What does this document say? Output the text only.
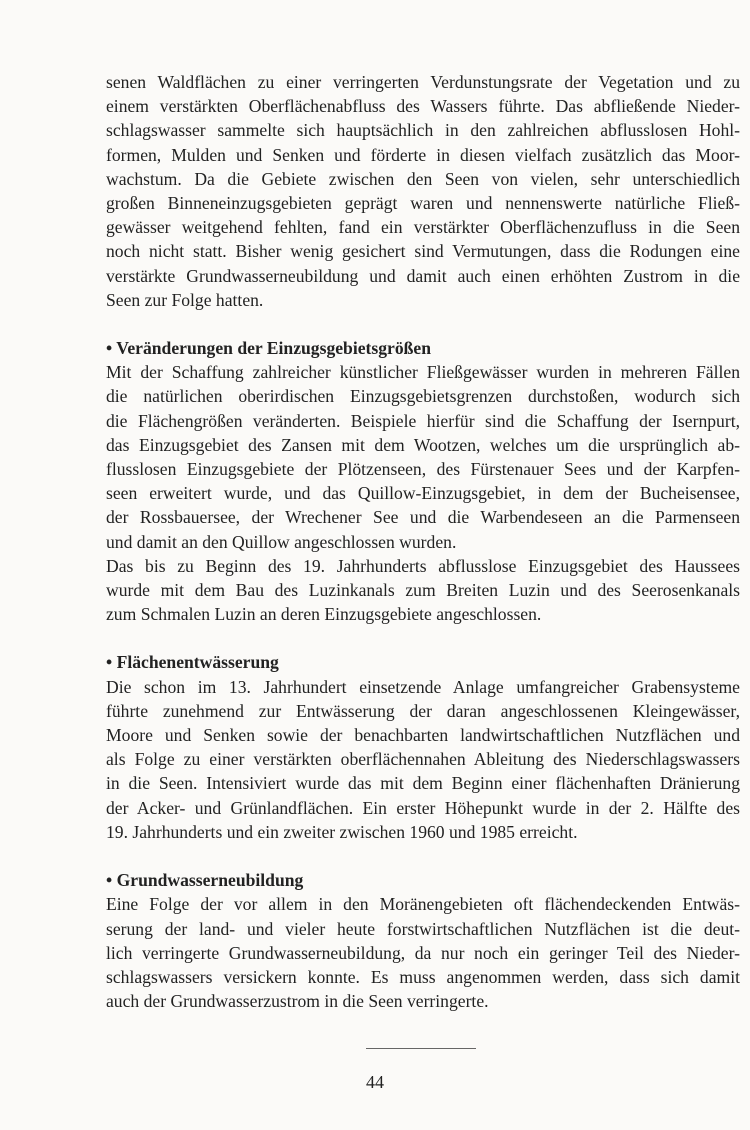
senen Waldflächen zu einer verringerten Verdunstungsrate der Vegetation und zu
einem verstärkten Oberflächenabfluss des Wassers führte. Das abfließende Nieder-
schlagswasser sammelte sich hauptsächlich in den zahlreichen abflusslosen Hohl-
formen, Mulden und Senken und förderte in diesen vielfach zusätzlich das Moor-
wachstum. Da die Gebiete zwischen den Seen von vielen, sehr unterschiedlich
großen Binneneinzugsgebieten geprägt waren und nennenswerte natürliche Fließ-
gewässer weitgehend fehlten, fand ein verstärkter Oberflächenzufluss in die Seen
noch nicht statt. Bisher wenig gesichert sind Vermutungen, dass die Rodungen eine
verstärkte Grundwasserneubildung und damit auch einen erhöhten Zustrom in die
Seen zur Folge hatten.

• Veränderungen der Einzugsgebietsgrößen

Mit der Schaffung zahlreicher künstlicher Fließgewässer wurden in mehreren Fällen
die natürlichen oberirdischen Einzugsgebietsgrenzen durchstoßen, wodurch sich
die Flächengrößen veränderten. Beispiele hierfür sind die Schaffung der Isernpurt,
das Einzugsgebiet des Zansen mit dem Wootzen, welches um die ursprünglich ab-
flusslosen Einzugsgebiete der Plötzenseen, des Fürstenauer Sees und der Karpfen-
seen erweitert wurde, und das Quillow-Einzugsgebiet, in dem der Bucheisensee,
der Rossbauersee, der Wrechener See und die Warbendeseen an die Parmenseen
und damit an den Quillow angeschlossen wurden.
Das bis zu Beginn des 19. Jahrhunderts abflusslose Einzugsgebiet des Haussees
wurde mit dem Bau des Luzinkanals zum Breiten Luzin und des Seerosenkanals
zum Schmalen Luzin an deren Einzugsgebiete angeschlossen.

• Flächenentwässerung

Die schon im 13. Jahrhundert einsetzende Anlage umfangreicher Grabensysteme
führte zunehmend zur Entwässerung der daran angeschlossenen Kleingewässer,
Moore und Senken sowie der benachbarten landwirtschaftlichen Nutzflächen und
als Folge zu einer verstärkten oberflächennahen Ableitung des Niederschlagswassers
in die Seen. Intensiviert wurde das mit dem Beginn einer flächenhaften Dränierung
der Acker- und Grünlandflächen. Ein erster Höhepunkt wurde in der 2. Hälfte des
19. Jahrhunderts und ein zweiter zwischen 1960 und 1985 erreicht.

• Grundwasserneubildung

Eine Folge der vor allem in den Moränengebieten oft flächendeckenden Entwäs-
serung der land- und vieler heute forstwirtschaftlichen Nutzflächen ist die deut-
lich verringerte Grundwasserneubildung, da nur noch ein geringer Teil des Nieder-
schlagswassers versickern konnte. Es muss angenommen werden, dass sich damit
auch der Grundwasserzustrom in die Seen verringerte.
44
